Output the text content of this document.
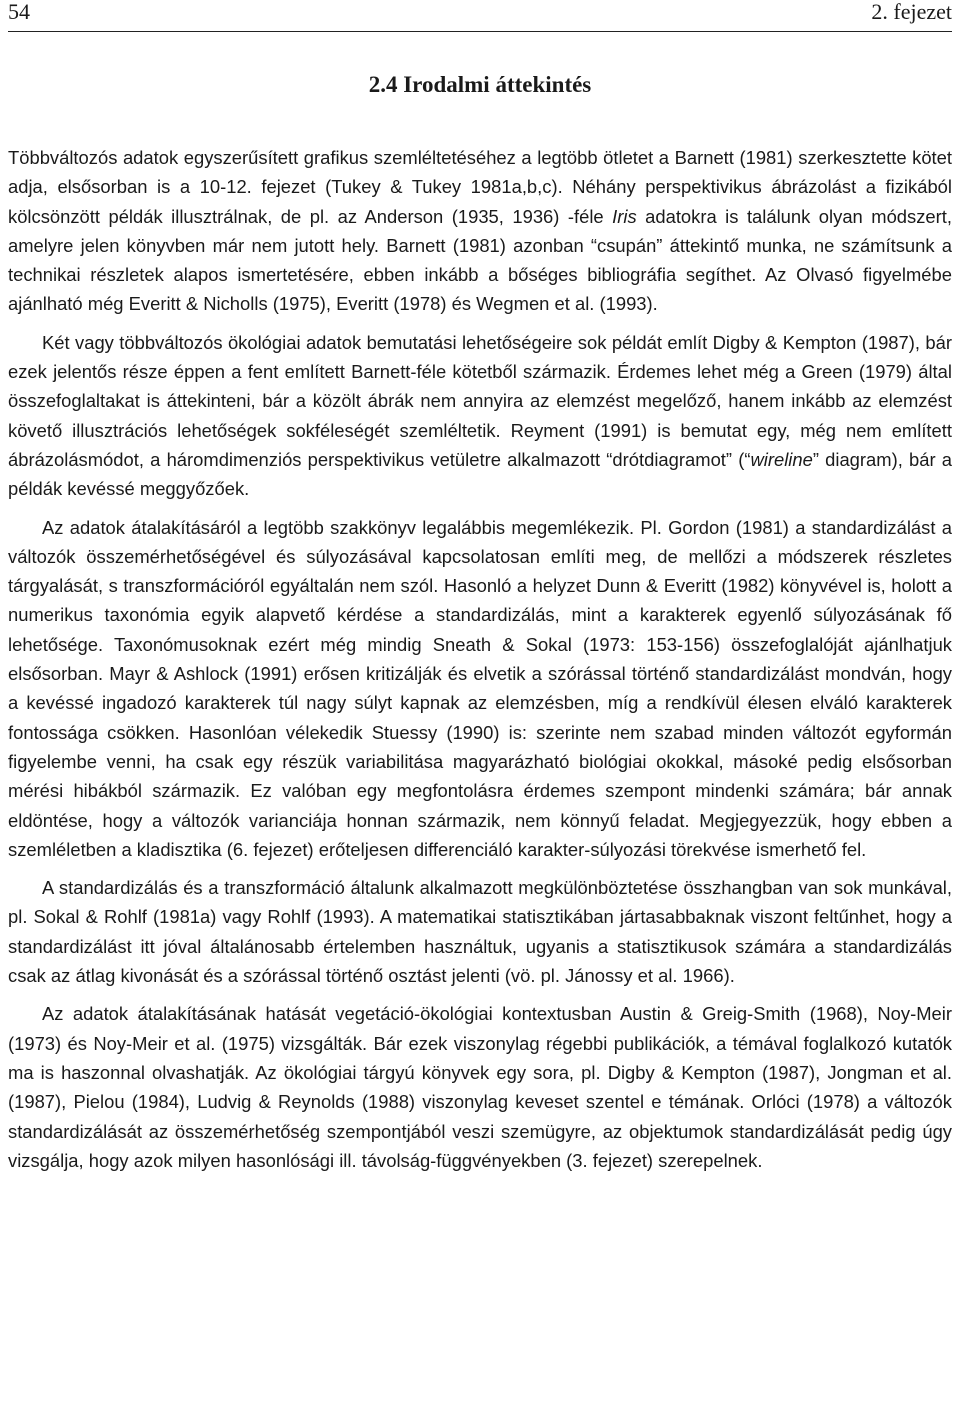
54	2. fejezet
2.4 Irodalmi áttekintés

Többváltozós adatok egyszerűsített grafikus szemléltetéséhez a legtöbb ötletet a Barnett (1981) szerkesztette kötet adja, elsősorban is a 10-12. fejezet (Tukey & Tukey 1981a,b,c). Néhány perspektivikus ábrázolást a fizikából kölcsönzött példák illusztrálnak, de pl. az Anderson (1935, 1936) -féle Iris adatokra is találunk olyan módszert, amelyre jelen könyvben már nem jutott hely. Barnett (1981) azonban “csupán” áttekintő munka, ne számítsunk a technikai részletek alapos ismertetésére, ebben inkább a bőséges bibliográfia segíthet. Az Olvasó figyelmébe ajánlható még Everitt & Nicholls (1975), Everitt (1978) és Wegmen et al. (1993).

Két vagy többváltozós ökológiai adatok bemutatási lehetőségeire sok példát említ Digby & Kempton (1987), bár ezek jelentős része éppen a fent említett Barnett-féle kötetből származik. Érdemes lehet még a Green (1979) által összefoglaltakat is áttekinteni, bár a közölt ábrák nem annyira az elemzést megelőző, hanem inkább az elemzést követő illusztrációs lehetőségek sokféleségét szemléltetik. Reyment (1991) is bemutat egy, még nem említett ábrázolásmódot, a háromdimenziós perspektivikus vetületre alkalmazott “drótdiagramot” (“wireline” diagram), bár a példák kevéssé meggyőzőek.

Az adatok átalakításáról a legtöbb szakkönyv legalábbis megemlékezik. Pl. Gordon (1981) a standardizálást a változók összemérhetőségével és súlyozásával kapcsolatosan említi meg, de mellőzi a módszerek részletes tárgyalását, s transzformációról egyáltalán nem szól. Hasonló a helyzet Dunn & Everitt (1982) könyvével is, holott a numerikus taxonómia egyik alapvető kérdése a standardizálás, mint a karakterek egyenlő súlyozásának fő lehetősége. Taxonómusoknak ezért még mindig Sneath & Sokal (1973: 153-156) összefoglalóját ajánlhatjuk elsősorban. Mayr & Ashlock (1991) erősen kritizálják és elvetik a szórással történő standardizálást mondván, hogy a kevéssé ingadozó karakterek túl nagy súlyt kapnak az elemzésben, míg a rendkívül élesen elváló karakterek fontossága csökken. Hasonlóan vélekedik Stuessy (1990) is: szerinte nem szabad minden változót egyformán figyelembe venni, ha csak egy részük variabilitása magyarázható biológiai okokkal, másoké pedig elsősorban mérési hibákból származik. Ez valóban egy megfontolásra érdemes szempont mindenki számára; bár annak eldöntése, hogy a változók varianciája honnan származik, nem könnyű feladat. Megjegyezzük, hogy ebben a szemléletben a kladisztika (6. fejezet) erőteljesen differenciáló karakter-súlyozási törekvése ismerhető fel.

A standardizálás és a transzformáció általunk alkalmazott megkülönböztetése összhangban van sok munkával, pl. Sokal & Rohlf (1981a) vagy Rohlf (1993). A matematikai statisztikában jártasabbaknak viszont feltűnhet, hogy a standardizálást itt jóval általánosabb értelemben használtuk, ugyanis a statisztikusok számára a standardizálás csak az átlag kivonását és a szórással történő osztást jelenti (vö. pl. Jánossy et al. 1966).

Az adatok átalakításának hatását vegetáció-ökológiai kontextusban Austin & Greig-Smith (1968), Noy-Meir (1973) és Noy-Meir et al. (1975) vizsgálták. Bár ezek viszonylag régebbi publikációk, a témával foglalkozó kutatók ma is haszonnal olvashatják. Az ökológiai tárgyú könyvek egy sora, pl. Digby & Kempton (1987), Jongman et al. (1987), Pielou (1984), Ludvig & Reynolds (1988) viszonylag keveset szentel e témának. Orlóci (1978) a változók standardizálását az összemérhetőség szempontjából veszi szemügyre, az objektumok standardizálását pedig úgy vizsgálja, hogy azok milyen hasonlósági ill. távolság-függvényekben (3. fejezet) szerepelnek.
